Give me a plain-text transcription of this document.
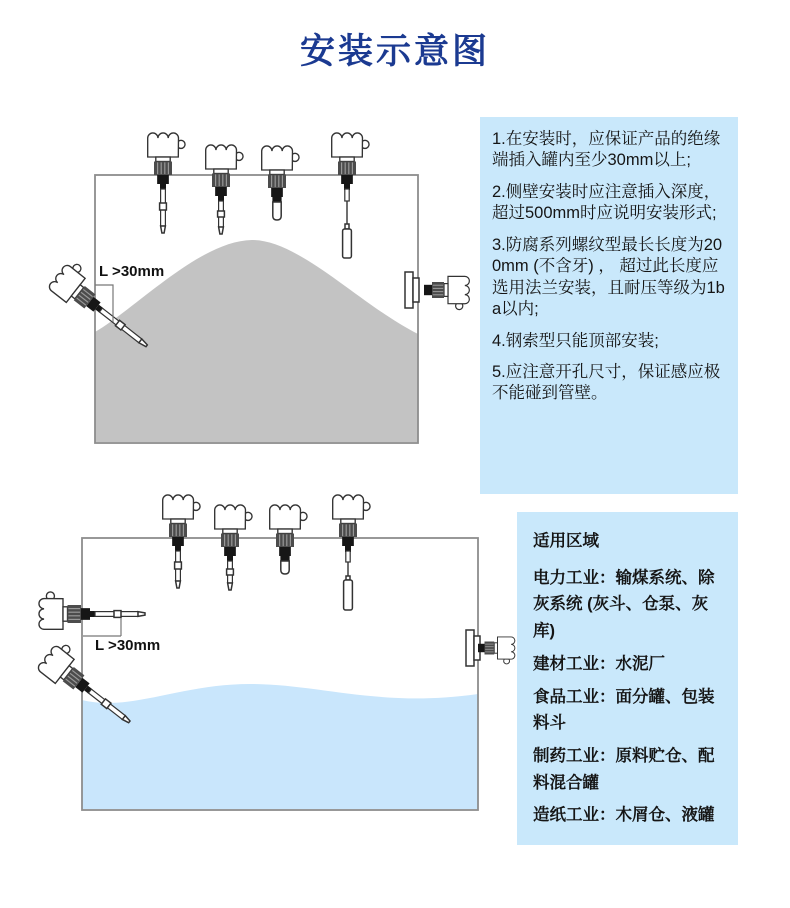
安装示意图
L >30mm
L >30mm

1.在安装时，应保证产品的绝缘端插入罐内至少30mm以上;

2.侧壁安装时应注意插入深度，超过500mm时应说明安装形式;

3.防腐系列螺纹型最长长度为200mm (不含牙) ， 超过此长度应选用法兰安装，且耐压等级为1ba以内;

4.钢索型只能顶部安装;

5.应注意开孔尺寸，保证感应极不能碰到管壁。

适用区域

电力工业：输煤系统、除灰系统 (灰斗、仓泵、灰库)

建材工业：水泥厂

食品工业：面分罐、包装料斗

制药工业：原料贮仓、配料混合罐

造纸工业：木屑仓、液罐
